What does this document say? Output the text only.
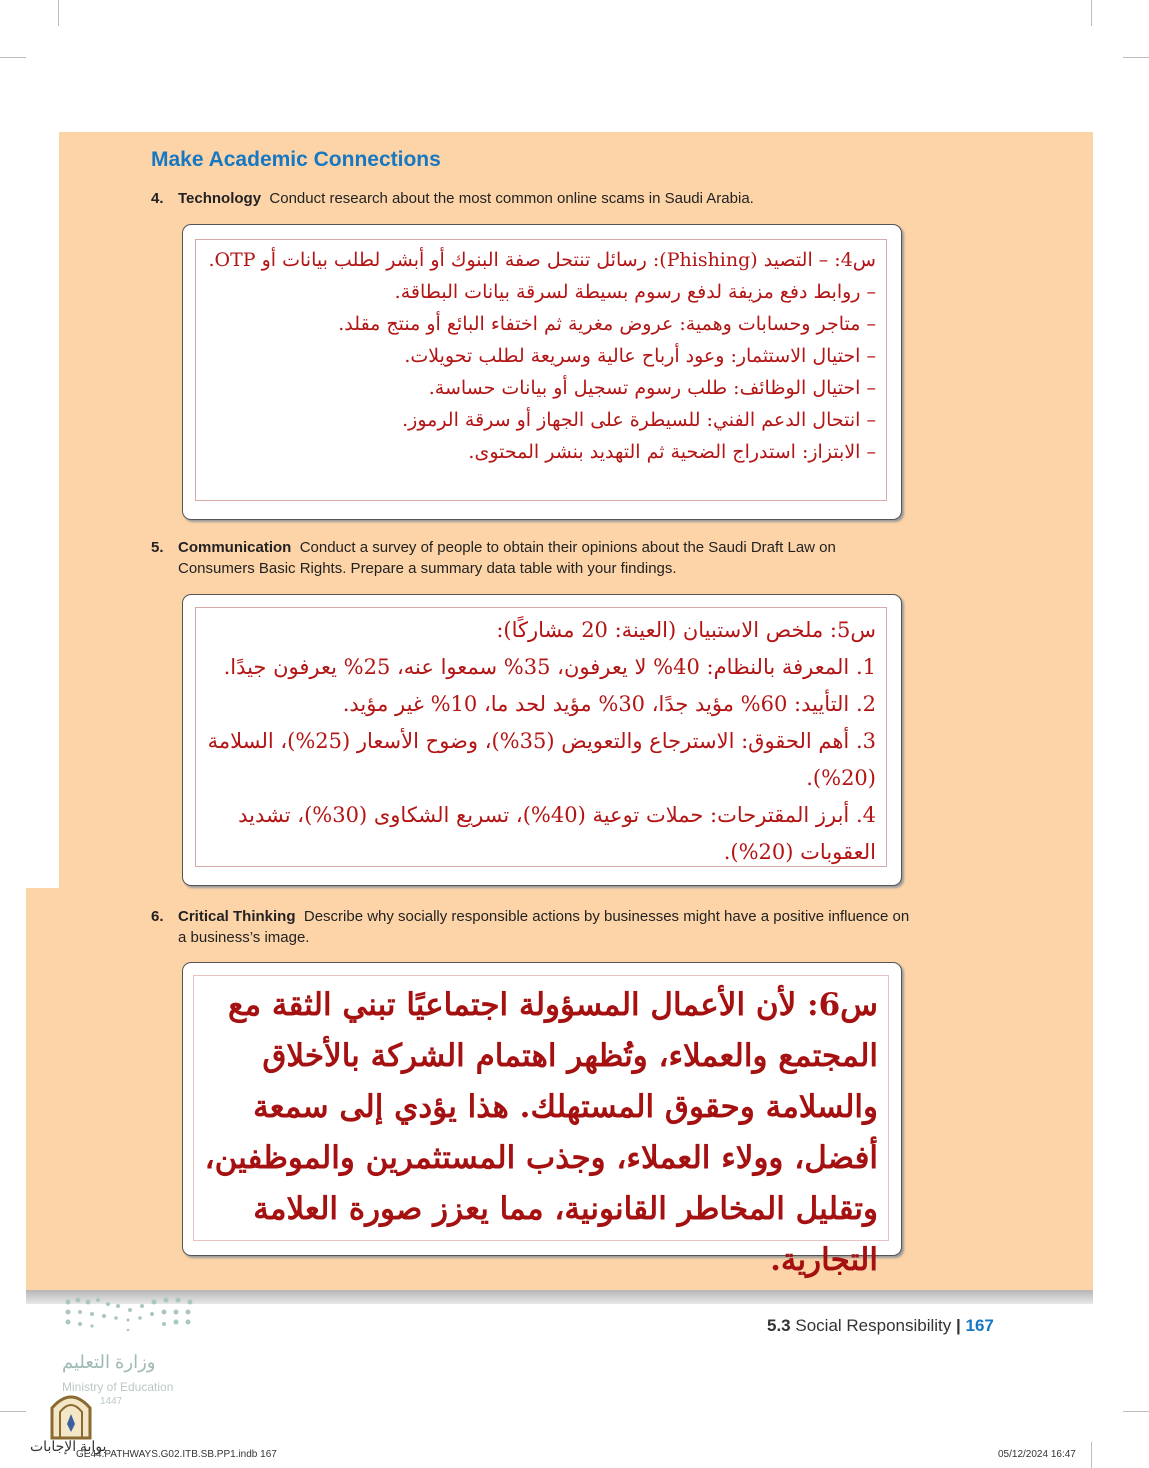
Make Academic Connections
4. Technology Conduct research about the most common online scams in Saudi Arabia.
س4: – التصيد (Phishing): رسائل تنتحل صفة البنوك أو أبشر لطلب بيانات أو OTP.
– روابط دفع مزيفة لدفع رسوم بسيطة لسرقة بيانات البطاقة.
– متاجر وحسابات وهمية: عروض مغرية ثم اختفاء البائع أو منتج مقلد.
– احتيال الاستثمار: وعود أرباح عالية وسريعة لطلب تحويلات.
– احتيال الوظائف: طلب رسوم تسجيل أو بيانات حساسة.
– انتحال الدعم الفني: للسيطرة على الجهاز أو سرقة الرموز.
– الابتزاز: استدراج الضحية ثم التهديد بنشر المحتوى.
5. Communication Conduct a survey of people to obtain their opinions about the Saudi Draft Law on Consumers Basic Rights. Prepare a summary data table with your findings.
س5: ملخص الاستبيان (العينة: 20 مشاركًا):
1. المعرفة بالنظام: 40% لا يعرفون، 35% سمعوا عنه، 25% يعرفون جيدًا.
2. التأييد: 60% مؤيد جدًا، 30% مؤيد لحد ما، 10% غير مؤيد.
3. أهم الحقوق: الاسترجاع والتعويض (35%)، وضوح الأسعار (25%)، السلامة (20%).
4. أبرز المقترحات: حملات توعية (40%)، تسريع الشكاوى (30%)، تشديد العقوبات (20%).
6. Critical Thinking Describe why socially responsible actions by businesses might have a positive influence on a business’s image.
س6: لأن الأعمال المسؤولة اجتماعيًا تبني الثقة مع المجتمع والعملاء، وتُظهر اهتمام الشركة بالأخلاق والسلامة وحقوق المستهلك. هذا يؤدي إلى سمعة أفضل، وولاء العملاء، وجذب المستثمرين والموظفين، وتقليل المخاطر القانونية، مما يعزز صورة العلامة التجارية.
5.3 Social Responsibility | 167
وزارة التعليم
Ministry of Education
1447
بوابة الإجابات
GE44.PATHWAYS.G02.ITB.SB.PP1.indb 167	05/12/2024 16:47
